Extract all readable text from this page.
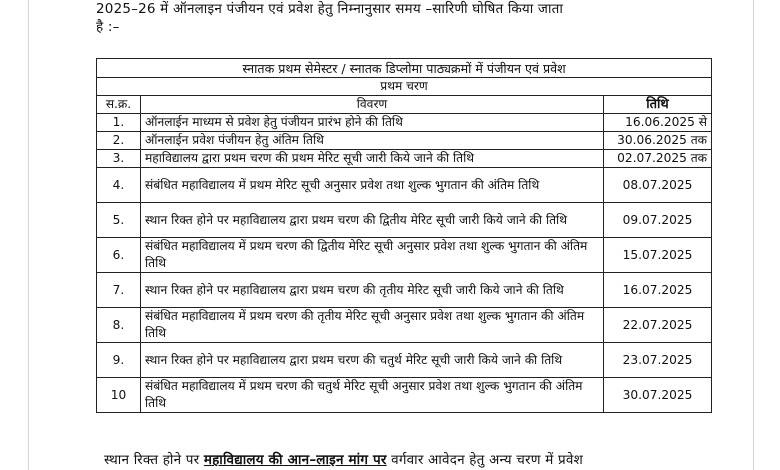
2025–26 में ऑनलाइन पंजीयन एवं प्रवेश हेतु निम्नानुसार समय –सारिणी घोषित किया जाता
है :–
स्नातक प्रथम सेमेस्टर / स्नातक डिप्लोमा पाठ्यक्रमों में पंजीयन एवं प्रवेश		
प्रथम चरण		
स.क्र.	विवरण	तिथि
1.	ऑनलाईन माध्यम से प्रवेश हेतु पंजीयन प्रारंभ होने की तिथि	16.06.2025 से
2.	ऑनलाईन प्रवेश पंजीयन हेतु अंतिम तिथि	30.06.2025 तक
3.	महाविद्यालय द्वारा प्रथम चरण की प्रथम मेरिट सूची जारी किये जाने की तिथि	02.07.2025 तक
4.	संबंधित महाविद्यालय में प्रथम मेरिट सूची अनुसार प्रवेश तथा शुल्क भुगतान की अंतिम तिथि	08.07.2025
5.	स्थान रिक्त होने पर महाविद्यालय द्वारा प्रथम चरण की द्वितीय मेरिट सूची जारी किये जाने की तिथि	09.07.2025
6.	संबंधित महाविद्यालय में प्रथम चरण की द्वितीय मेरिट सूची अनुसार प्रवेश तथा शुल्क भुगतान की अंतिम तिथि	15.07.2025
7.	स्थान रिक्त होने पर महाविद्यालय द्वारा प्रथम चरण की तृतीय मेरिट सूची जारी किये जाने की तिथि	16.07.2025
8.	संबंधित महाविद्यालय में प्रथम चरण की तृतीय मेरिट सूची अनुसार प्रवेश तथा शुल्क भुगतान की अंतिम तिथि	22.07.2025
9.	स्थान रिक्त होने पर महाविद्यालय द्वारा प्रथम चरण की चतुर्थ मेरिट सूची जारी किये जाने की तिथि	23.07.2025
10	संबंधित महाविद्यालय में प्रथम चरण की चतुर्थ मेरिट सूची अनुसार प्रवेश तथा शुल्क भुगतान की अंतिम तिथि	30.07.2025
स्थान रिक्त होने पर महाविद्यालय की आन–लाइन मांग पर वर्गवार आवेदन हेतु अन्य चरण में प्रवेश
